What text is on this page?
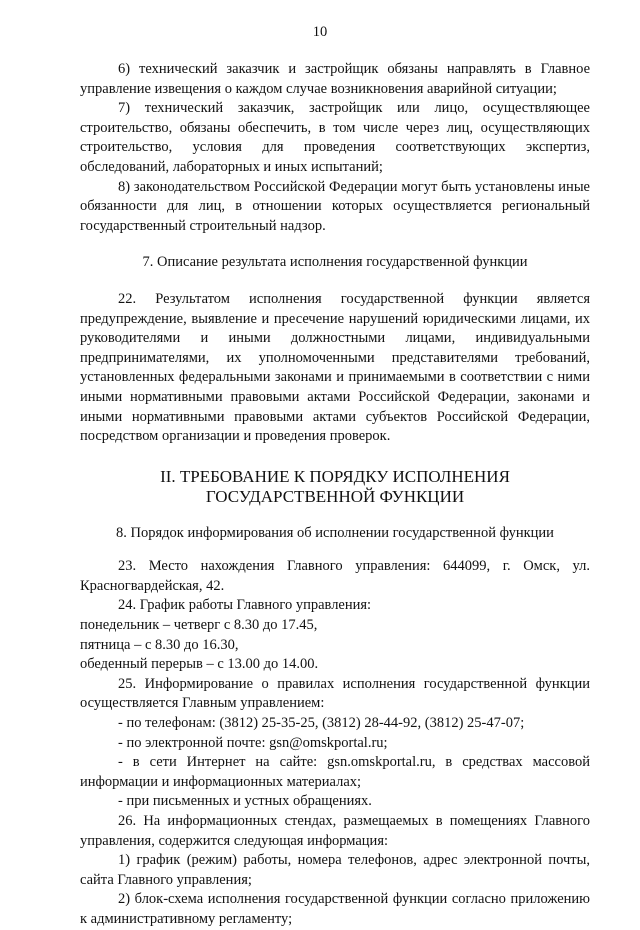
10

6) технический заказчик и застройщик обязаны направлять в Главное управление извещения о каждом случае возникновения аварийной ситуации;

7) технический заказчик, застройщик или лицо, осуществляющее строительство, обязаны обеспечить, в том числе через лиц, осуществляющих строительство, условия для проведения соответствующих экспертиз, обследований, лабораторных и иных испытаний;

8) законодательством Российской Федерации могут быть установлены иные обязанности для лиц, в отношении которых осуществляется региональный государственный строительный надзор.

7. Описание результата исполнения государственной функции

22. Результатом исполнения государственной функции является предупреждение, выявление и пресечение нарушений юридическими лицами, их руководителями и иными должностными лицами, индивидуальными предпринимателями, их уполномоченными представителями требований, установленных федеральными законами и принимаемыми в соответствии с ними иными нормативными правовыми актами Российской Федерации, законами и иными нормативными правовыми актами субъектов Российской Федерации, посредством организации и проведения проверок.

II. ТРЕБОВАНИЕ К ПОРЯДКУ ИСПОЛНЕНИЯ ГОСУДАРСТВЕННОЙ ФУНКЦИИ

8. Порядок информирования об исполнении государственной функции

23. Место нахождения Главного управления: 644099, г. Омск, ул. Красногвардейская, 42.

24. График работы Главного управления:

понедельник – четверг с 8.30 до 17.45,

пятница – с 8.30 до 16.30,

обеденный перерыв – с 13.00 до 14.00.

25. Информирование о правилах исполнения государственной функции осуществляется Главным управлением:

- по телефонам: (3812) 25-35-25, (3812) 28-44-92, (3812) 25-47-07;

- по электронной почте: gsn@omskportal.ru;

- в сети Интернет на сайте: gsn.omskportal.ru, в средствах массовой информации и информационных материалах;

- при письменных и устных обращениях.

26. На информационных стендах, размещаемых в помещениях Главного управления, содержится следующая информация:

1) график (режим) работы, номера телефонов, адрес электронной почты, сайта Главного управления;

2) блок-схема исполнения государственной функции согласно приложению к административному регламенту;
